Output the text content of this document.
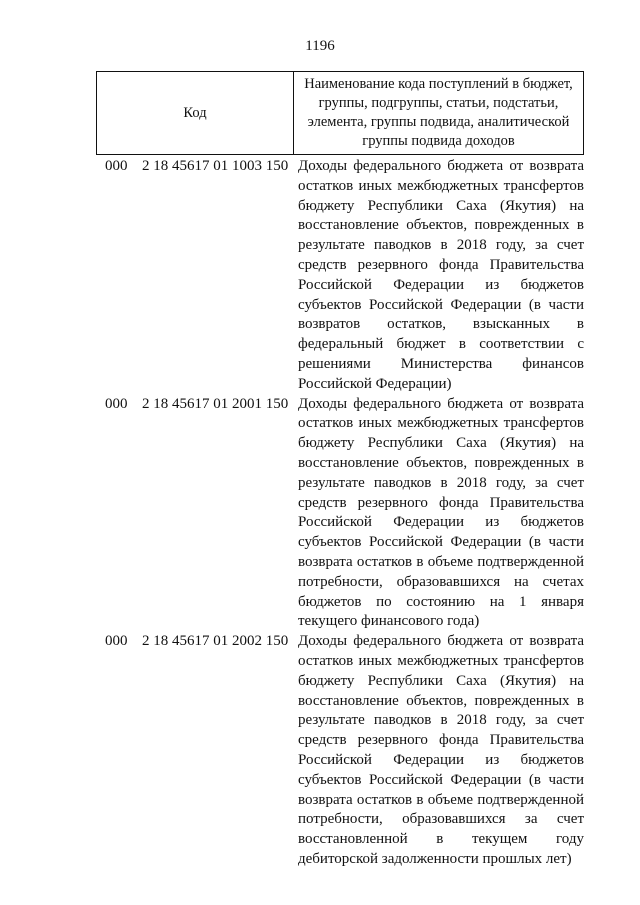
1196
Код	Наименование кода поступлений в бюджет, группы, подгруппы, статьи, подстатьи, элемента, группы подвида, аналитической группы подвида доходов
000 2 18 45617 01 1003 150 Доходы федерального бюджета от возврата остатков иных межбюджетных трансфертов бюджету Республики Саха (Якутия) на восстановление объектов, поврежденных в результате паводков в 2018 году, за счет средств резервного фонда Правительства Российской Федерации из бюджетов субъектов Российской Федерации (в части возвратов остатков, взысканных в федеральный бюджет в соответствии с решениями Министерства финансов Российской Федерации)
000 2 18 45617 01 2001 150 Доходы федерального бюджета от возврата остатков иных межбюджетных трансфертов бюджету Республики Саха (Якутия) на восстановление объектов, поврежденных в результате паводков в 2018 году, за счет средств резервного фонда Правительства Российской Федерации из бюджетов субъектов Российской Федерации (в части возврата остатков в объеме подтвержденной потребности, образовавшихся на счетах бюджетов по состоянию на 1 января текущего финансового года)
000 2 18 45617 01 2002 150 Доходы федерального бюджета от возврата остатков иных межбюджетных трансфертов бюджету Республики Саха (Якутия) на восстановление объектов, поврежденных в результате паводков в 2018 году, за счет средств резервного фонда Правительства Российской Федерации из бюджетов субъектов Российской Федерации (в части возврата остатков в объеме подтвержденной потребности, образовавшихся за счет восстановленной в текущем году дебиторской задолженности прошлых лет)
